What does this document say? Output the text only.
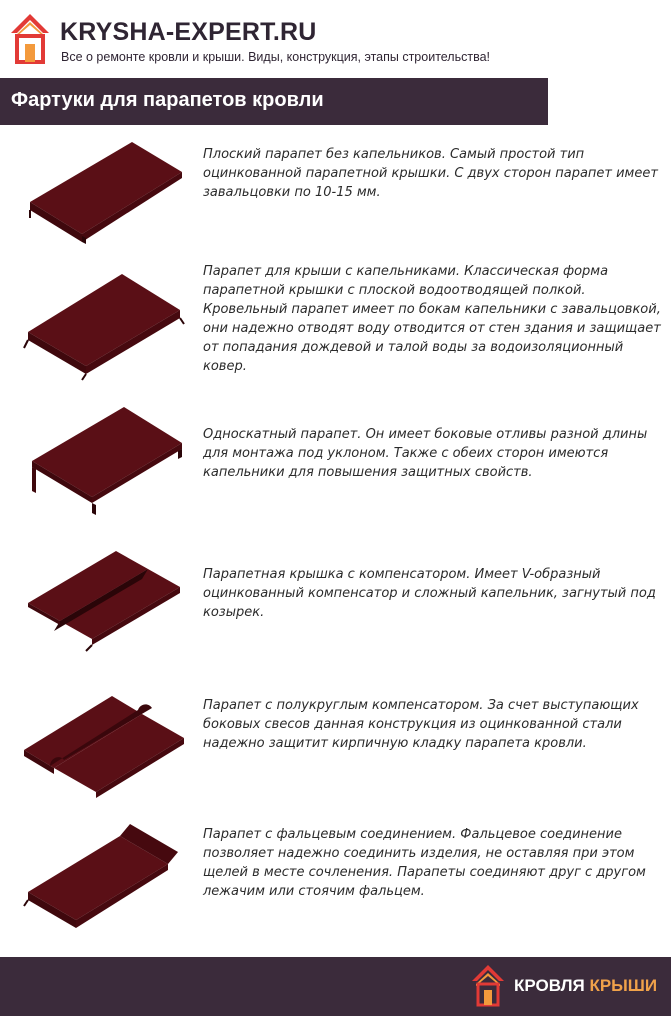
KRYSHA-EXPERT.RU
Все о ремонте кровли и крыши. Виды, конструкция, этапы строительства!
Фартуки для парапетов кровли

Плоский парапет без капельников. Самый простой тип оцинкованной парапетной крышки. С двух сторон парапет имеет завальцовки по 10-15 мм.

Парапет для крыши с капельниками. Классическая форма парапетной крышки с плоской водоотводящей полкой. Кровельный парапет имеет по бокам капельники с завальцовкой, они надежно отводят воду отводится от стен здания и защищает от попадания дождевой и талой воды за водоизоляционный ковер.

Односкатный парапет. Он имеет боковые отливы разной длины для монтажа под уклоном. Также с обеих сторон имеются капельники для повышения защитных свойств.

Парапетная крышка с компенсатором. Имеет V-образный оцинкованный компенсатор и сложный капельник, загнутый под козырек.

Парапет с полукруглым компенсатором. За счет выступающих боковых свесов данная конструкция из оцинкованной стали надежно защитит кирпичную кладку парапета кровли.

Парапет с фальцевым соединением. Фальцевое соединение позволяет надежно соединить изделия, не оставляя при этом щелей в месте сочленения. Парапеты соединяют друг с другом лежачим или стоячим фальцем.

КРОВЛЯ КРЫШИ
